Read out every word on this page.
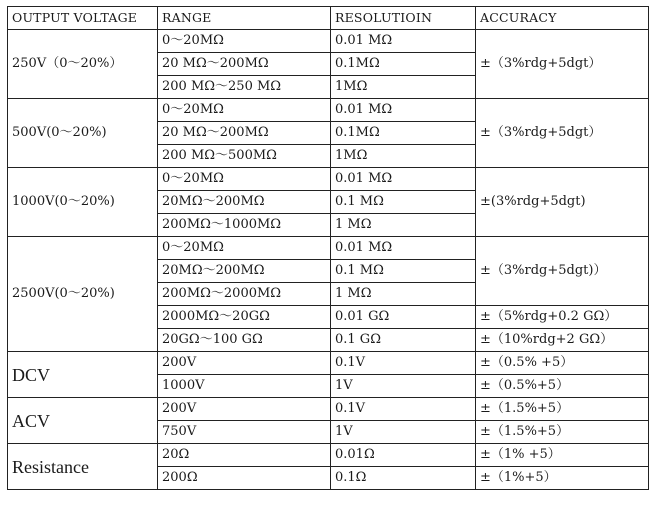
OUTPUT VOLTAGE	RANGE	RESOLUTIOIN	ACCURACY
250V（0～20%）	0～20MΩ	0.01 MΩ	±（3%rdg+5dgt）
	20 MΩ～200MΩ	0.1MΩ	
	200 MΩ～250 MΩ	1MΩ	
500V(0～20%)	0～20MΩ	0.01 MΩ	±（3%rdg+5dgt）
	20 MΩ～200MΩ	0.1MΩ	
	200 MΩ～500MΩ	1MΩ	
1000V(0～20%)	0～20MΩ	0.01 MΩ	±(3%rdg+5dgt)
	20MΩ～200MΩ	0.1 MΩ	
	200MΩ～1000MΩ	1 MΩ	
2500V(0～20%)	0～20MΩ	0.01 MΩ	±（3%rdg+5dgt)）
	20MΩ～200MΩ	0.1 MΩ	
	200MΩ～2000MΩ	1 MΩ	
	2000MΩ～20GΩ	0.01 GΩ	±（5%rdg+0.2 GΩ）
	20GΩ～100 GΩ	0.1 GΩ	±（10%rdg+2 GΩ）
DCV	200V	0.1V	±（0.5% +5）
	1000V	1V	±（0.5%+5）
ACV	200V	0.1V	±（1.5%+5）
	750V	1V	±（1.5%+5）
Resistance	20Ω	0.01Ω	±（1% +5）
	200Ω	0.1Ω	±（1%+5）
